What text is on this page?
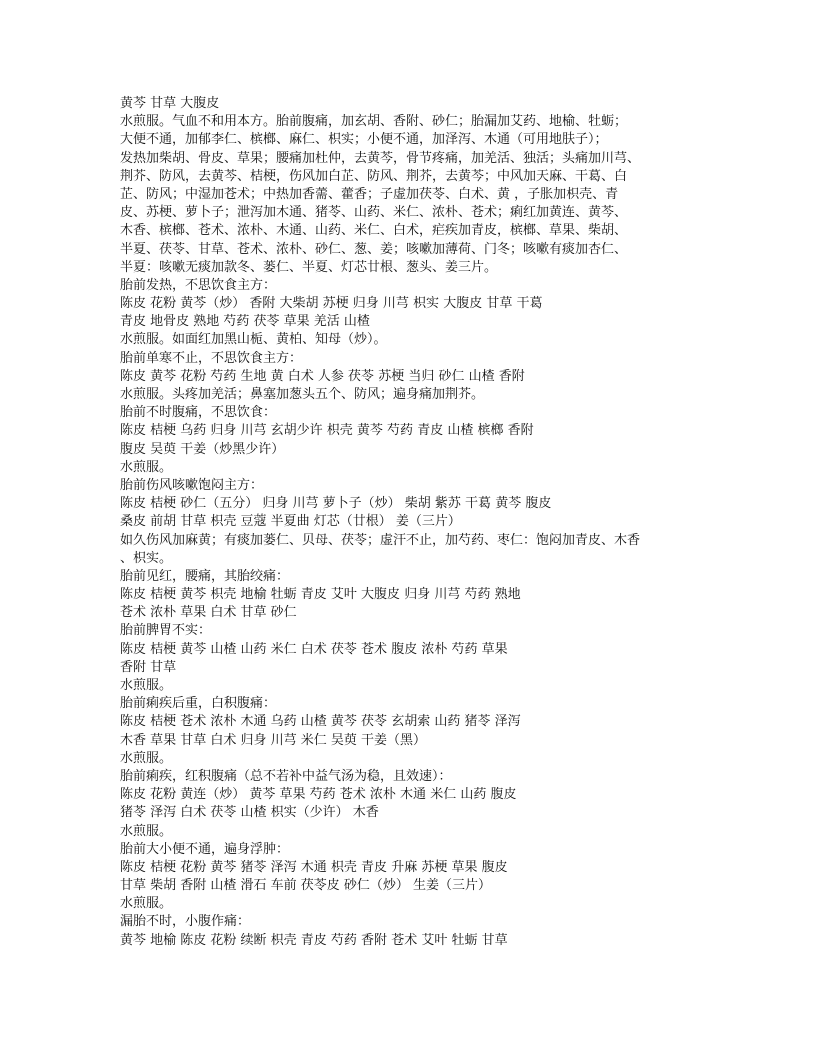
黄芩 甘草 大腹皮
水煎服。气血不和用本方。胎前腹痛，加玄胡、香附、砂仁；胎漏加艾药、地榆、牡蛎；
大便不通，加郁李仁、槟榔、麻仁、枳实；小便不通，加泽泻、木通（可用地肤子）；
发热加柴胡、骨皮、草果；腰痛加杜仲，去黄芩，骨节疼痛，加羌活、独活；头痛加川芎、
荆芥、防风，去黄芩、桔梗，伤风加白芷、防风、荆芥，去黄芩；中风加天麻、干葛、白
芷、防风；中湿加苍术；中热加香薷、藿香；子虚加茯苓、白术、黄 ，子胀加枳壳、青
皮、苏梗、萝卜子；泄泻加木通、猪苓、山药、米仁、浓朴、苍术；痢红加黄连、黄芩、
木香、槟榔、苍术、浓朴、木通、山药、米仁、白术，疟疾加青皮，槟榔、草果、柴胡、
半夏、茯苓、甘草、苍术、浓朴、砂仁、葱、姜；咳嗽加薄荷、门冬；咳嗽有痰加杏仁、
半夏：咳嗽无痰加款冬、蒌仁、半夏、灯芯廿根、葱头、姜三片。
胎前发热，不思饮食主方：
陈皮 花粉 黄芩（炒） 香附 大柴胡 苏梗 归身 川芎 枳实 大腹皮 甘草 干葛
青皮 地骨皮 熟地 芍药 茯苓 草果 羌活 山楂
水煎服。如面红加黑山栀、黄柏、知母（炒）。
胎前单寒不止，不思饮食主方：
陈皮 黄芩 花粉 芍药 生地 黄 白术 人参 茯苓 苏梗 当归 砂仁 山楂 香附
水煎服。头疼加羌活；鼻塞加葱头五个、防风；遍身痛加荆芥。
胎前不时腹痛，不思饮食：
陈皮 桔梗 乌药 归身 川芎 玄胡少许 枳壳 黄芩 芍药 青皮 山楂 槟榔 香附
腹皮 吴萸 干姜（炒黑少许）
水煎服。
胎前伤风咳嗽饱闷主方：
陈皮 桔梗 砂仁（五分） 归身 川芎 萝卜子（炒） 柴胡 紫苏 干葛 黄芩 腹皮
桑皮 前胡 甘草 枳壳 豆蔻 半夏曲 灯芯（廿根） 姜（三片）
如久伤风加麻黄；有痰加蒌仁、贝母、茯苓；虚汗不止，加芍药、枣仁：饱闷加青皮、木香
、枳实。
胎前见红，腰痛，其胎绞痛：
陈皮 桔梗 黄芩 枳壳 地榆 牡蛎 青皮 艾叶 大腹皮 归身 川芎 芍药 熟地
苍术 浓朴 草果 白术 甘草 砂仁
胎前脾胃不实：
陈皮 桔梗 黄芩 山楂 山药 米仁 白术 茯苓 苍术 腹皮 浓朴 芍药 草果
香附 甘草
水煎服。
胎前痢疾后重，白积腹痛：
陈皮 桔梗 苍术 浓朴 木通 乌药 山楂 黄芩 茯苓 玄胡索 山药 猪苓 泽泻
木香 草果 甘草 白术 归身 川芎 米仁 吴萸 干姜（黑）
水煎服。
胎前痢疾，红积腹痛（总不若补中益气汤为稳，且效速）：
陈皮 花粉 黄连（炒） 黄芩 草果 芍药 苍术 浓朴 木通 米仁 山药 腹皮
猪苓 泽泻 白术 茯苓 山楂 枳实（少许） 木香
水煎服。
胎前大小便不通，遍身浮肿：
陈皮 桔梗 花粉 黄芩 猪苓 泽泻 木通 枳壳 青皮 升麻 苏梗 草果 腹皮
甘草 柴胡 香附 山楂 滑石 车前 茯苓皮 砂仁（炒） 生姜（三片）
水煎服。
漏胎不时，小腹作痛：
黄芩 地榆 陈皮 花粉 续断 枳壳 青皮 芍药 香附 苍术 艾叶 牡蛎 甘草
